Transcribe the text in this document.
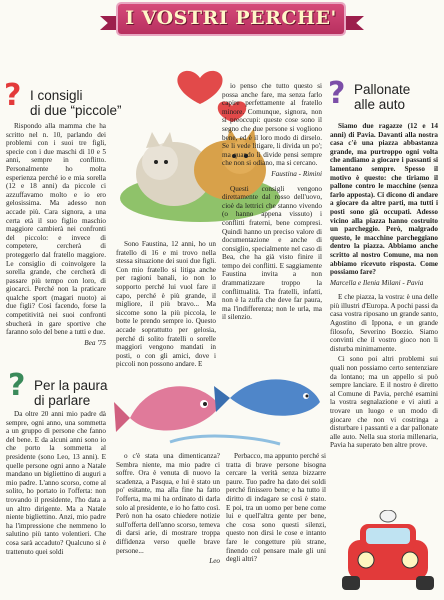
I VOSTRI PERCHE'
? I consigli
di due “piccole”

Rispondo alla mamma che ha scritto nel n. 10, parlando dei problemi con i suoi tre figli, specie con i due maschi di 10 e 5 anni, sempre in conflitto. Personalmente ho molta esperienza perché io e mia sorella (12 e 18 anni) da piccole ci azzuffavamo molto e io ero gelosissima. Ma adesso non accade più. Cara signora, a una certa età il suo figlio maschio maggiore cambierà nei confronti del piccolo: e invece di competere, cercherà di proteggerlo dal fratello maggiore. Le consiglio di coinvolgere la sorella grande, che cercherà di passare più tempo con loro, di giocarci. Perché non la praticare qualche sport (magari nuoto) ai due figli? Così facendo, forse la competitività nei suoi confronti sbucherà in gare sportive che faranno solo del bene a tutti e due.

Bea '75

Sono Faustina, 12 anni, ho un fratello di 16 e mi trovo nella stessa situazione dei suoi due figli. Con mio fratello si litiga anche per ragioni banali, io non lo sopporto perché lui vuol fare il capo, perché è più grande, il migliore, il più bravo... Ma siccome sono la più piccola, le botte le prendo sempre io. Questo accade soprattutto per gelosia, perché di solito fratelli o sorelle maggiori vengono mandati in posti, o con gli amici, dove i piccoli non possono andare. E

io penso che tutto questo si possa anche fare, ma senza farlo capire perfettamente al fratello minore. Comunque, signora, non si preoccupi: queste cose sono il segno che due persone si vogliono bene, ed è il loro modo di dirselo. Se li vede litigare, li divida un po'; ma quando li divide pensi sempre che non si odiano, ma si cercano.

Faustina - Rimini

Questi consigli vengono direttamente dal rosso dell'uovo, cioè da lettrici che stanno vivendo (o hanno appena vissuto) i conflitti fraterni, bene compresi. Quindi hanno un preciso valore di documentazione e anche di consiglio, specialmente nel caso di Bea, che ha già visto finire il tempo dei conflitti. E saggiamente Faustina invita a non drammatizzare troppo la conflittualità. Tra fratelli, infatti, non è la zuffa che deve far paura, ma l'indifferenza; non le urla, ma il silenzio.

? Pallonate
alle auto

Siamo due ragazze (12 e 14 anni) di Pavia. Davanti alla nostra casa c'è una piazza abbastanza grande, ma purtroppo ogni volta che andiamo a giocare i passanti si lamentano sempre. Spesso il motivo è questo: che tiriamo il pallone contro le macchine (senza farlo apposta). Ci dicono di andare a giocare da altre parti, ma tutti i posti sono già occupati. Adesso vicino alla piazza hanno costruito un parcheggio. Però, malgrado questo, le macchine parcheggiano dentro la piazza. Abbiamo anche scritto al nostro Comune, ma non abbiamo ricevuto risposta. Come possiamo fare?

Marcella e Ilenia Milani - Pavia

E che piazza, la vostra: è una delle più illustri d'Europa. A pochi passi da casa vostra riposano un grande santo, Agostino di Ippona, e un grande filosofo, Severino Boezio. Siamo convinti che il vostro gioco non li disturba minimamente.

Ci sono poi altri problemi sui quali non possiamo certo sentenziare da lontano; ma un appello si può sempre lanciare. E il nostro è diretto al Comune di Pavia, perché esamini la vostra segnalazione e vi aiuti a trovare un luogo e un modo di giocare che non vi costringa a disturbare i passanti e a dar pallonate alle auto. Nella sua storia millenaria, Pavia ha superato ben altre prove.

? Per la paura
di parlare

Da oltre 20 anni mio padre dà sempre, ogni anno, una sommetta a un gruppo di persone che fanno del bene. E da alcuni anni sono io che porto la sommetta al presidente (sono Leo, 13 anni). E quelle persone ogni anno a Natale mandano un bigliettino di auguri a mio padre. L'anno scorso, come al solito, ho portato io l'offerta: non trovando il presidente, l'ho data a un altro dirigente. Ma a Natale niente bigliettino. Anzi, mio padre ha l'impressione che nemmeno lo salutino più tanto volentieri. Che cosa sarà accaduto? Qualcuno si è trattenuto quei soldi

o c'è stata una dimenticanza? Sembra niente, ma mio padre ci soffre. Ora è venuta di nuovo la scadenza, a Pasqua, e lui è stato un po' esitante, ma alla fine ha fatto l'offerta, ma mi ha ordinato di darla solo al presidente, e io ho fatto così. Però non ha osato chiedere notizie sull'offerta dell'anno scorso, temeva di darsi arie, di mostrare troppa diffidenza verso quelle brave persone...

Leo

Perbacco, ma appunto perché si tratta di brave persone bisogna cercare la verità senza bizzarre paure. Tuo padre ha dato dei soldi perché finissero bene; e ha tutto il diritto di indagare se così è stato. E poi, tra un uomo per bene come lui e quell'altra gente per bene, che cosa sono questi silenzi, questo non dirsi le cose e intanto fare le congetture più strane, finendo col pensare male gli uni degli altri?
